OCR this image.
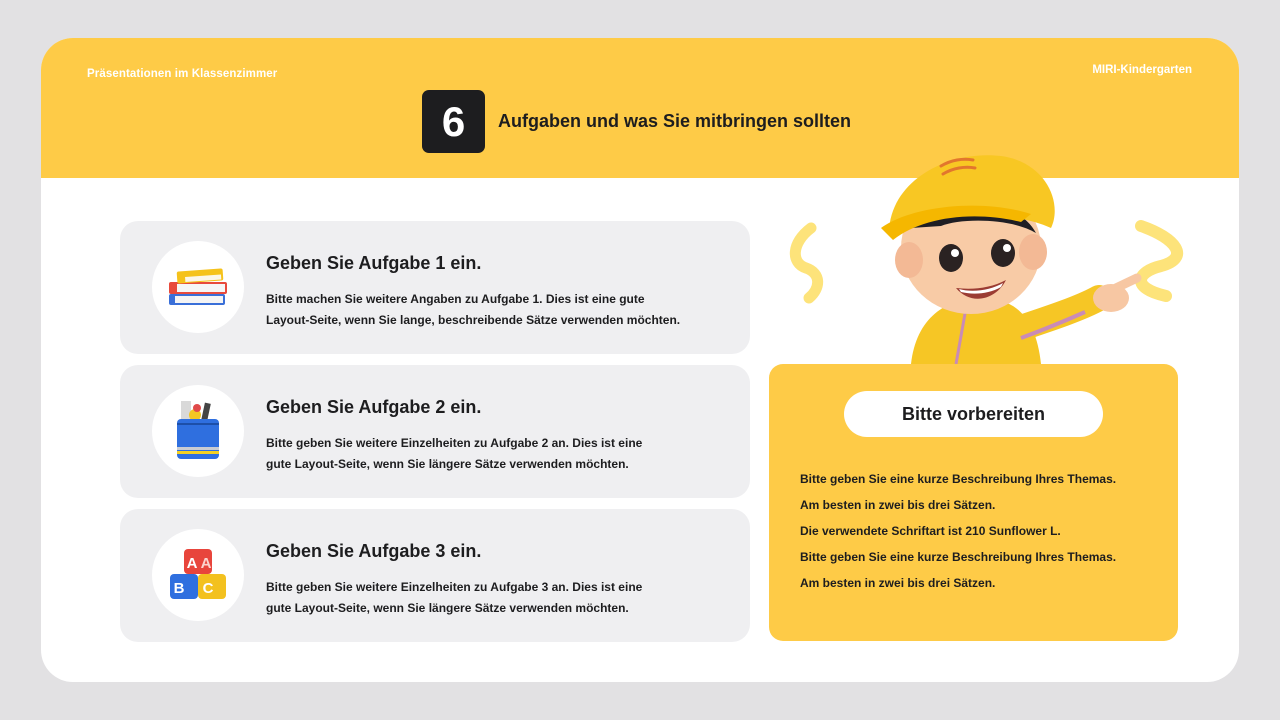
Präsentationen im Klassenzimmer	MIRI-Kindergarten
6	Aufgaben und was Sie mitbringen sollten
Geben Sie Aufgabe 1 ein.
Bitte machen Sie weitere Angaben zu Aufgabe 1. Dies ist eine gute
Layout-Seite, wenn Sie lange, beschreibende Sätze verwenden möchten.
Geben Sie Aufgabe 2 ein.
Bitte geben Sie weitere Einzelheiten zu Aufgabe 2 an. Dies ist eine
gute Layout-Seite, wenn Sie längere Sätze verwenden möchten.
A A
B C
Geben Sie Aufgabe 3 ein.
Bitte geben Sie weitere Einzelheiten zu Aufgabe 3 an. Dies ist eine
gute Layout-Seite, wenn Sie längere Sätze verwenden möchten.
Bitte vorbereiten
Bitte geben Sie eine kurze Beschreibung Ihres Themas.
Am besten in zwei bis drei Sätzen.
Die verwendete Schriftart ist 210 Sunflower L.
Bitte geben Sie eine kurze Beschreibung Ihres Themas.
Am besten in zwei bis drei Sätzen.
